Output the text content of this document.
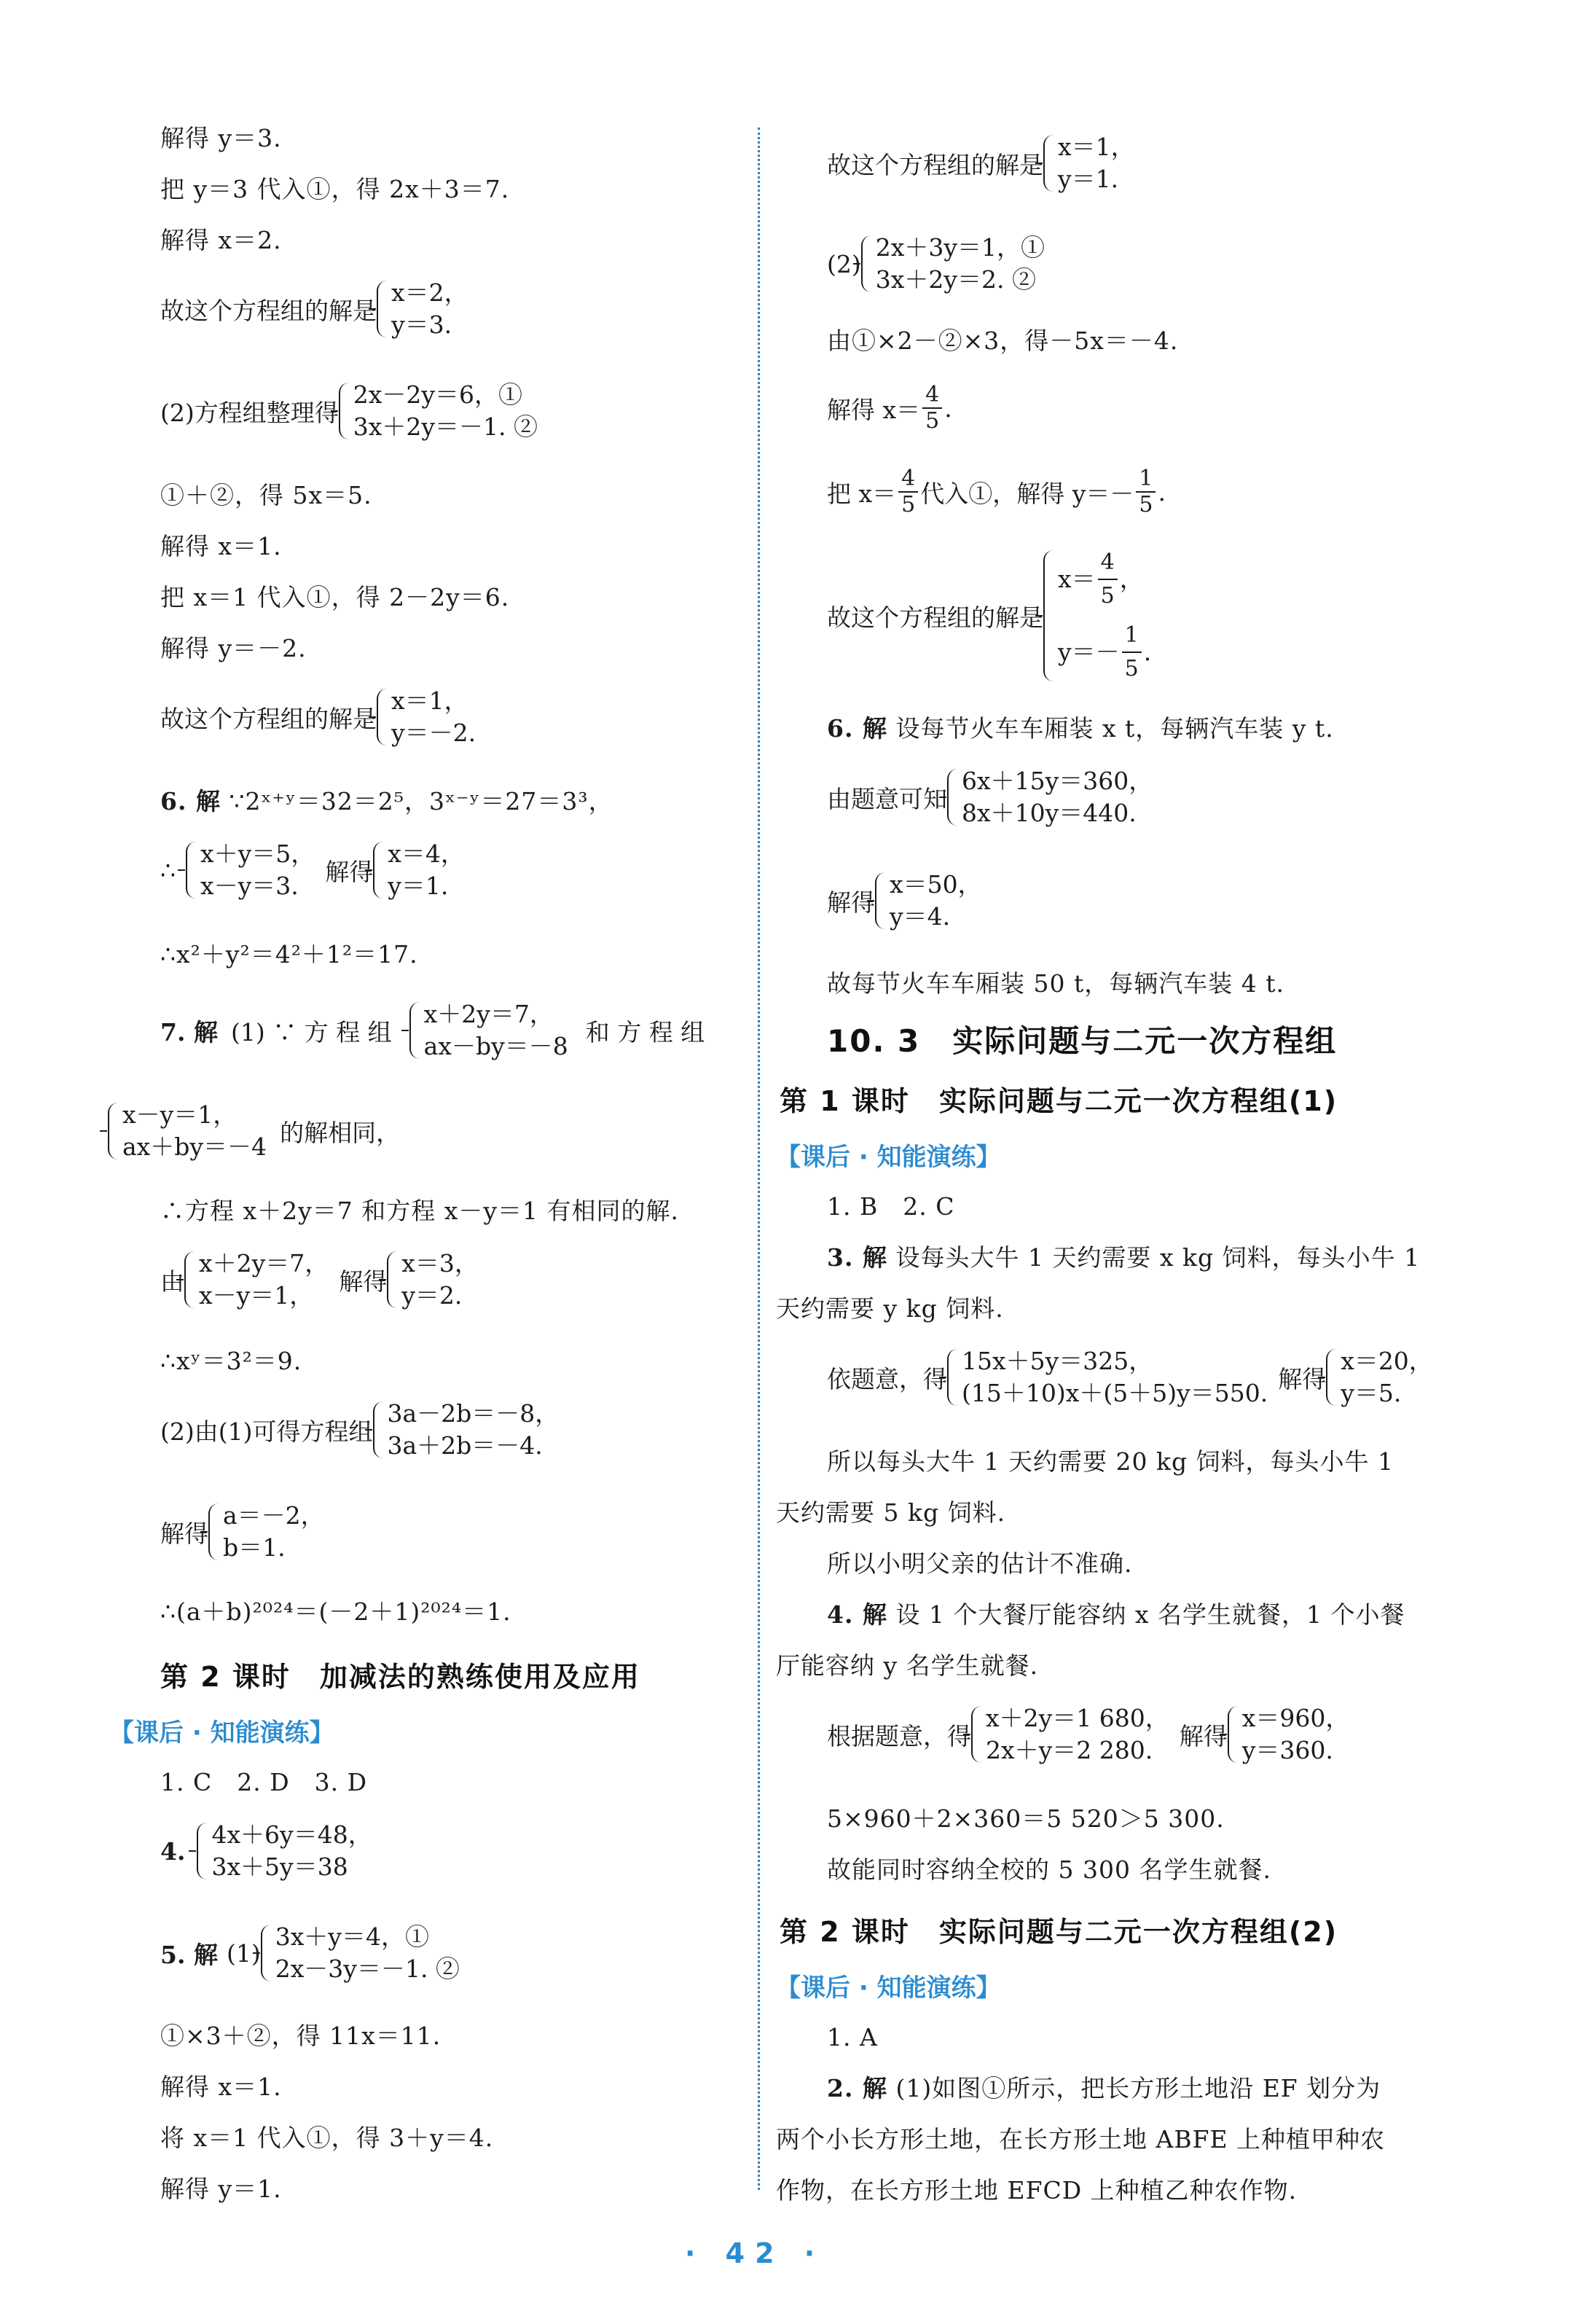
解得 y＝3.
把 y＝3 代入①，得 2x＋3＝7.
解得 x＝2.
故这个方程组的解是
x＝2，
y＝3.
(2)方程组整理得
2x－2y＝6，①
3x＋2y＝－1. ②
①＋②，得 5x＝5.
解得 x＝1.
把 x＝1 代入①，得 2－2y＝6.
解得 y＝－2.
故这个方程组的解是
x＝1，
y＝－2.
6. 解 ∵2ˣ⁺ʸ＝32＝2⁵，3ˣ⁻ʸ＝27＝3³，
∴
x＋y＝5，
x－y＝3.	解得
x＝4，
y＝1.
∴x²＋y²＝4²＋1²＝17.
7. 解 (1) ∵ 方 程 组
x＋2y＝7，
ax－by＝－8 和 方 程 组
x－y＝1，
ax＋by＝－4 的解相同，
∴方程 x＋2y＝7 和方程 x－y＝1 有相同的解.
由
x＋2y＝7，
x－y＝1，	解得
x＝3，
y＝2.
∴xʸ＝3²＝9.
(2)由(1)可得方程组
3a－2b＝－8，
3a＋2b＝－4.
解得
a＝－2，
b＝1.
∴(a＋b)²⁰²⁴＝(－2＋1)²⁰²⁴＝1.
第 2 课时　加减法的熟练使用及应用
【课后 · 知能演练】
1. C　2. D　3. D
4.
4x＋6y＝48，
3x＋5y＝38
5. 解 (1)
3x＋y＝4，①
2x－3y＝－1. ②
①×3＋②，得 11x＝11.
解得 x＝1.
将 x＝1 代入①，得 3＋y＝4.
解得 y＝1.
故这个方程组的解是
x＝1，
y＝1.
(2)
2x＋3y＝1，①
3x＋2y＝2. ②
由①×2－②×3，得－5x＝－4.
解得 $x= \frac{4}{5}$ .
把 $x= \frac{4}{5}$ 代入①，解得 $y=- \frac{1}{5}$ .
故这个方程组的解是
$x= \frac{4}{5}$ ，
$y=- \frac{1}{5}$ .
6. 解 设每节火车车厢装 x t，每辆汽车装 y t.
由题意可知
6x＋15y＝360，
8x＋10y＝440.
解得
x＝50，
y＝4.
故每节火车车厢装 50 t，每辆汽车装 4 t.
10. 3　实际问题与二元一次方程组
第 1 课时　实际问题与二元一次方程组(1)
【课后 · 知能演练】
1. B　2. C
3. 解 设每头大牛 1 天约需要 x kg 饲料，每头小牛 1
天约需要 y kg 饲料.
依题意，得
15x＋5y＝325，
(15＋10)x＋(5＋5)y＝550. 解得
x＝20，
y＝5.
所以每头大牛 1 天约需要 20 kg 饲料，每头小牛 1
天约需要 5 kg 饲料.
所以小明父亲的估计不准确.
4. 解 设 1 个大餐厅能容纳 x 名学生就餐，1 个小餐
厅能容纳 y 名学生就餐.
根据题意，得
x＋2y＝1 680，
2x＋y＝2 280.	解得
x＝960，
y＝360.
5×960＋2×360＝5 520＞5 300.
故能同时容纳全校的 5 300 名学生就餐.
第 2 课时　实际问题与二元一次方程组(2)
【课后 · 知能演练】
1. A
2. 解 (1)如图①所示，把长方形土地沿 EF 划分为
两个小长方形土地，在长方形土地 ABFE 上种植甲种农
作物，在长方形土地 EFCD 上种植乙种农作物.
· 42 ·
